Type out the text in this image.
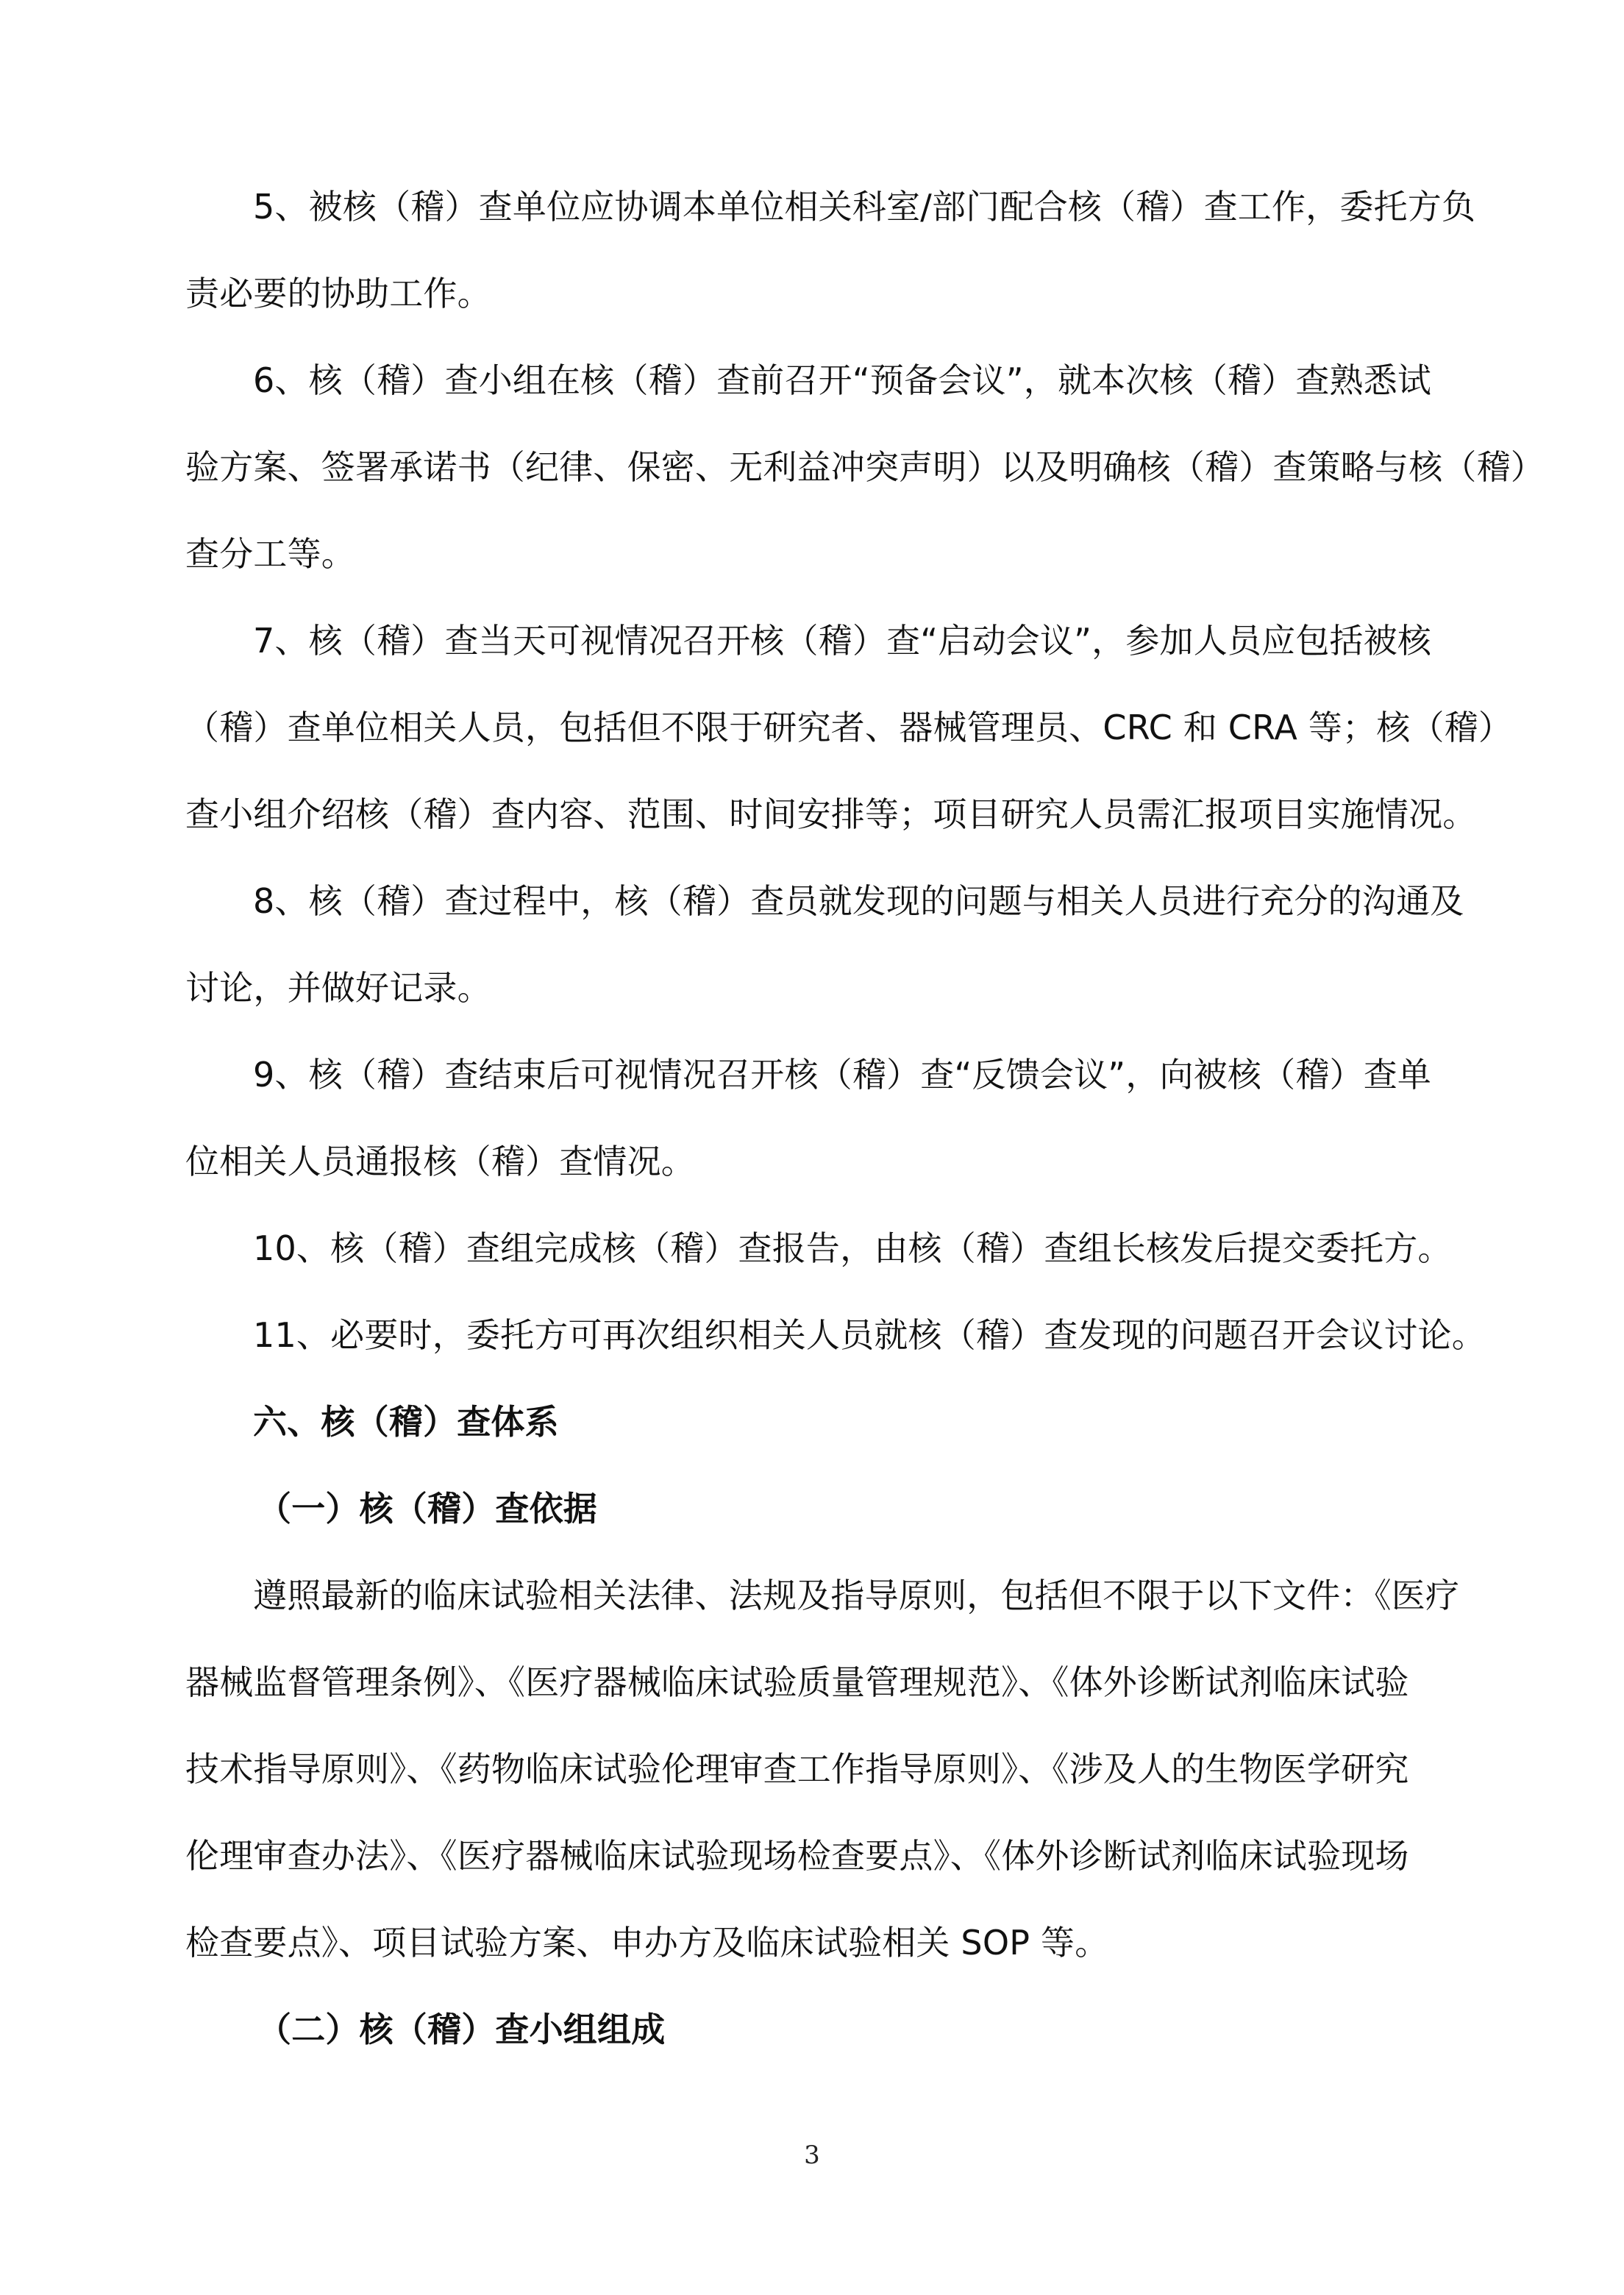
5、被核（稽）查单位应协调本单位相关科室/部门配合核（稽）查工作，委托方负
责必要的协助工作。
6、核（稽）查小组在核（稽）查前召开“预备会议”，就本次核（稽）查熟悉试
验方案、签署承诺书（纪律、保密、无利益冲突声明）以及明确核（稽）查策略与核（稽）
查分工等。
7、核（稽）查当天可视情况召开核（稽）查“启动会议”，参加人员应包括被核
（稽）查单位相关人员，包括但不限于研究者、器械管理员、CRC 和 CRA 等；核（稽）
查小组介绍核（稽）查内容、范围、时间安排等；项目研究人员需汇报项目实施情况。
8、核（稽）查过程中，核（稽）查员就发现的问题与相关人员进行充分的沟通及
讨论，并做好记录。
9、核（稽）查结束后可视情况召开核（稽）查“反馈会议”，向被核（稽）查单
位相关人员通报核（稽）查情况。
10、核（稽）查组完成核（稽）查报告，由核（稽）查组长核发后提交委托方。
11、必要时，委托方可再次组织相关人员就核（稽）查发现的问题召开会议讨论。
六、核（稽）查体系
（一）核（稽）查依据
遵照最新的临床试验相关法律、法规及指导原则，包括但不限于以下文件：《医疗
器械监督管理条例》、《医疗器械临床试验质量管理规范》、《体外诊断试剂临床试验
技术指导原则》、《药物临床试验伦理审查工作指导原则》、《涉及人的生物医学研究
伦理审查办法》、《医疗器械临床试验现场检查要点》、《体外诊断试剂临床试验现场
检查要点》、项目试验方案、申办方及临床试验相关 SOP 等。
（二）核（稽）查小组组成
3
